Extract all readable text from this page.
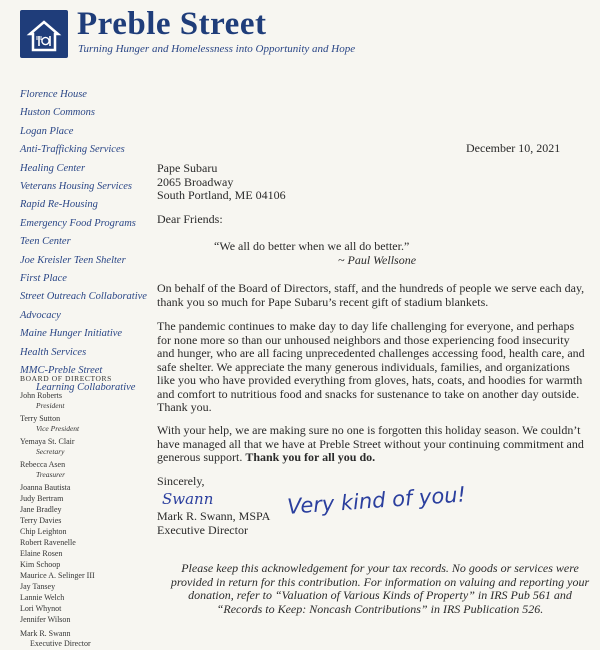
Preble Street
Turning Hunger and Homelessness into Opportunity and Hope
Florence House
Huston Commons
Logan Place
Anti-Trafficking Services
Healing Center
Veterans Housing Services
Rapid Re-Housing
Emergency Food Programs
Teen Center
Joe Kreisler Teen Shelter
First Place
Street Outreach Collaborative
Advocacy
Maine Hunger Initiative
Health Services
MMC-Preble Street
Learning Collaborative
BOARD OF DIRECTORS
John Roberts
President
Terry Sutton
Vice President
Yemaya St. Clair
Secretary
Rebecca Asen
Treasurer
Joanna Bautista
Judy Bertram
Jane Bradley
Terry Davies
Chip Leighton
Robert Ravenelle
Elaine Rosen
Kim Schoop
Maurice A. Selinger III
Jay Tansey
Lannie Welch
Lori Whynot
Jennifer Wilson
Mark R. Swann
Executive Director
December 10, 2021
Pape Subaru
2065 Broadway
South Portland, ME 04106
Dear Friends:
“We all do better when we all do better.”
~ Paul Wellsone
On behalf of the Board of Directors, staff, and the hundreds of people we serve each day, thank you so much for Pape Subaru’s recent gift of stadium blankets.
The pandemic continues to make day to day life challenging for everyone, and perhaps for none more so than our unhoused neighbors and those experiencing food insecurity and hunger, who are all facing unprecedented challenges accessing food, health care, and safe shelter. We appreciate the many generous individuals, families, and organizations like you who have provided everything from gloves, hats, coats, and hoodies for warmth and comfort to nutritious food and snacks for sustenance to take on another day outside. Thank you.
With your help, we are making sure no one is forgotten this holiday season. We couldn’t have managed all that we have at Preble Street without your continuing commitment and generous support. Thank you for all you do.
Sincerely,
Swann	Very kind of you!
Mark R. Swann, MSPA
Executive Director
Please keep this acknowledgement for your tax records. No goods or services were provided in return for this contribution. For information on valuing and reporting your donation, refer to “Valuation of Various Kinds of Property” in IRS Pub 561 and “Records to Keep: Noncash Contributions” in IRS Publication 526.
